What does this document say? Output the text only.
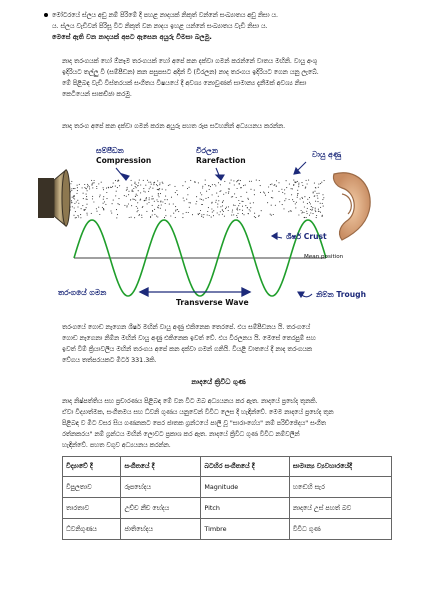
මෝටරයේ ස්ලය අඩු නම් පිරිමේ දී පහළ නාදයක් නිකුත් වන්නේ සංඛ්‍යාතය අඩු නිසා ය.
ය. ස්ලය වැඩිවන් පිරිසූ විට නිකුත් වන නාදය ඉහළ යන්නේ සංඛ්‍යාතය වැඩි නිසා ය.
මෙසේ ඇති වන නාදයක් අපට ඇසෙන අයුරු විමසා බලමු.
නාද තරංගයක් හෝ ඕනෑම තරංගයක් හෝ අපේ කන දක්වා ගමන් කරන්නේ වාතය මඟිනි. වායු අංශු
ඉදිරියට තල්ලු වී (සම්පීඩන) කන පසුපසට අදින් වී (විරලන) නාද තරංගය ඉදිරියට ගෙන යනු ලැබේ.
මේ පිළිබඳ වැඩි විස්තරයක් සංගීතය විෂයයේ දී අවශ්‍ය නොවුණත් සාමාන්‍ය දැනීමක් අවශ්‍ය නිසා
කෙටියෙන් සාකච්ඡා කරමු.
නාද තරංග අපේ කන දක්වා ගමන් කරන අයුරු පහත රූප සටහනින් අධ්‍යයනය කරන්න.
සම්පීඩන
Compression
විරලන
Rarefaction
වායු අණු
ශීර්ෂ Crust
Mean position
තරංගයේ ගමන
Transverse Wave
නිම්න Trough
තරංගයේ ගොඩ නැගෙන ශීර්ෂ මඟින් වායු අණු එකිනෙක තෙරපේ. එය සම්පීඩනය යි. තරංගයේ
ගොඩ නැගෙනා නිම්න මඟින් වායු අණු එකිනෙක ඉවත් වේ. එය විරලනය යි. මෙසේ තෙරපුම් සහ
ඉවත් වීම් ක්‍රියාවලිය මඟින් තරංගය අපේ කන දක්වා ගමන් ගනියි. වියළි වාතයේ දී නාද තරංගයක
වේගය තත්පරයකට මීටර් 331.3කි.
නාදයේ ක්‍රිවිධ ගුණ
නාද නිෂ්පත්තිය සහ ප්‍රචාරණය පිළිබඳ මේ වන විට ඔබ අධ්‍යයනය කර ඇත. නාදයේ ප්‍රභේද තුනකි.
ඒවා විද්‍යාත්මක, සංගීතමය සහ ධ්වනි ගුණය යනුවෙන් විවිධ ලෙස දී හැඳින්වේ. මෙම නාදයේ ප්‍රභේද තුන
පිළිබඳ ව මීට වසර සිය ගණනකට පෙර ජාතක ග්‍රන්ථයේ පාලි වූ "සාරාංගේය" නම් පරිච්ඡේදය" සංගීත
රත්නකරය" නම් ග්‍රන්ථය මඟින් ලොවට ප්‍රකාශ කර ඇත. නාදයේ ක්‍රිවිධ ගුණ විවිධ නම්වලින්
හැඳින්වේ. පහත වගුව අධ්‍යයනය කරන්න.
විද්‍යාවේ දී	සංගීතයේ දී	බටහිර සංගීතයේ දී	සාමාන්‍ය ව්‍යවහාරයේදී
විපුලතාව	රූපභේදය	Magnitude	හඬෙහි සැර
තාරතාව	උච්ච නීච භේදය	Pitch	නාදයේ උස් පහත් බව
ධ්වනිගුණය	ජාතිභේදය	Timbre	විවිධ ගුණ
